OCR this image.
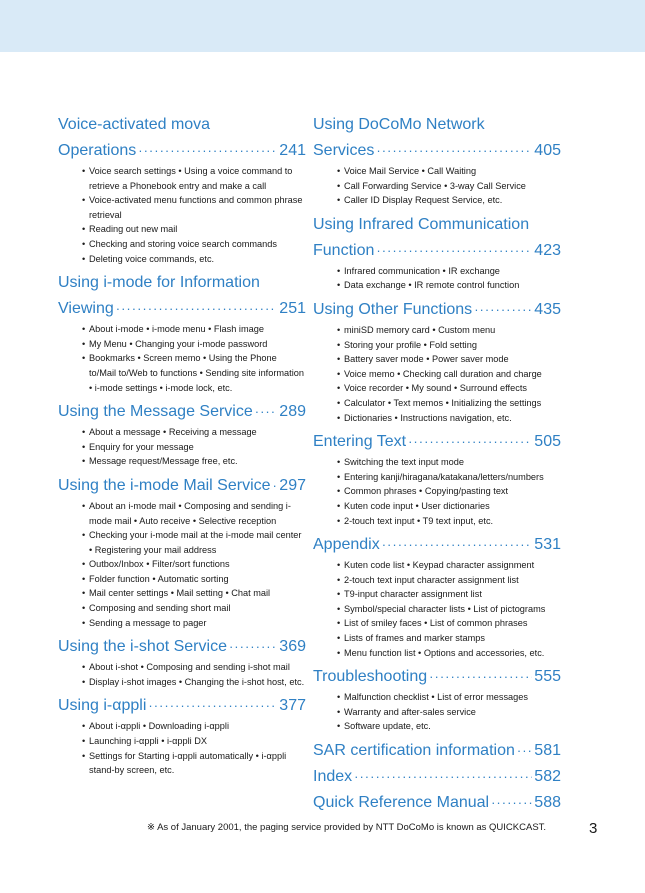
Voice-activated mova
Operations ·····	241
• Voice search settings • Using a voice command to retrieve a Phonebook entry and make a call
• Voice-activated menu functions and common phrase retrieval
• Reading out new mail
• Checking and storing voice search commands
• Deleting voice commands, etc.
Using i-mode for Information
Viewing ·····	251
• About i-mode • i-mode menu • Flash image
• My Menu • Changing your i-mode password
• Bookmarks • Screen memo • Using the Phone to/Mail to/Web to functions • Sending site information • i-mode settings • i-mode lock, etc.
Using the Message Service ····· 289
• About a message • Receiving a message
• Enquiry for your message
• Message request/Message free, etc.
Using the i-mode Mail Service ····· 297
• About an i-mode mail • Composing and sending i-mode mail • Auto receive • Selective reception
• Checking your i-mode mail at the i-mode mail center • Registering your mail address
• Outbox/Inbox • Filter/sort functions
• Folder function • Automatic sorting
• Mail center settings • Mail setting • Chat mail
• Composing and sending short mail
• Sending a message to pager
Using the i-shot Service ·····	369
• About i-shot • Composing and sending i-shot mail
• Display i-shot images • Changing the i-shot host, etc.
Using i-αppli ·····	377
• About i-αppli • Downloading i-αppli
• Launching i-αppli • i-αppli DX
• Settings for Starting i-αppli automatically • i-αppli stand-by screen, etc.
Using DoCoMo Network
Services ·····	405
• Voice Mail Service • Call Waiting
• Call Forwarding Service • 3-way Call Service
• Caller ID Display Request Service, etc.
Using Infrared Communication
Function ·····	423
• Infrared communication • IR exchange
• Data exchange • IR remote control function
Using Other Functions ·····	435
• miniSD memory card • Custom menu
• Storing your profile • Fold setting
• Battery saver mode • Power saver mode
• Voice memo • Checking call duration and charge
• Voice recorder • My sound • Surround effects
• Calculator • Text memos • Initializing the settings
• Dictionaries • Instructions navigation, etc.
Entering Text ·····	505
• Switching the text input mode
• Entering kanji/hiragana/katakana/letters/numbers
• Common phrases • Copying/pasting text
• Kuten code input • User dictionaries
• 2-touch text input • T9 text input, etc.
Appendix ·····	531
• Kuten code list • Keypad character assignment
• 2-touch text input character assignment list
• T9-input character assignment list
• Symbol/special character lists • List of pictograms
• List of smiley faces • List of common phrases
• Lists of frames and marker stamps
• Menu function list • Options and accessories, etc.
Troubleshooting ·····	555
• Malfunction checklist • List of error messages
• Warranty and after-sales service
• Software update, etc.
SAR certification information ····· 581
Index ·····	582
Quick Reference Manual ·····	588
※ As of January 2001, the paging service provided by NTT DoCoMo is known as QUICKCAST.	3
